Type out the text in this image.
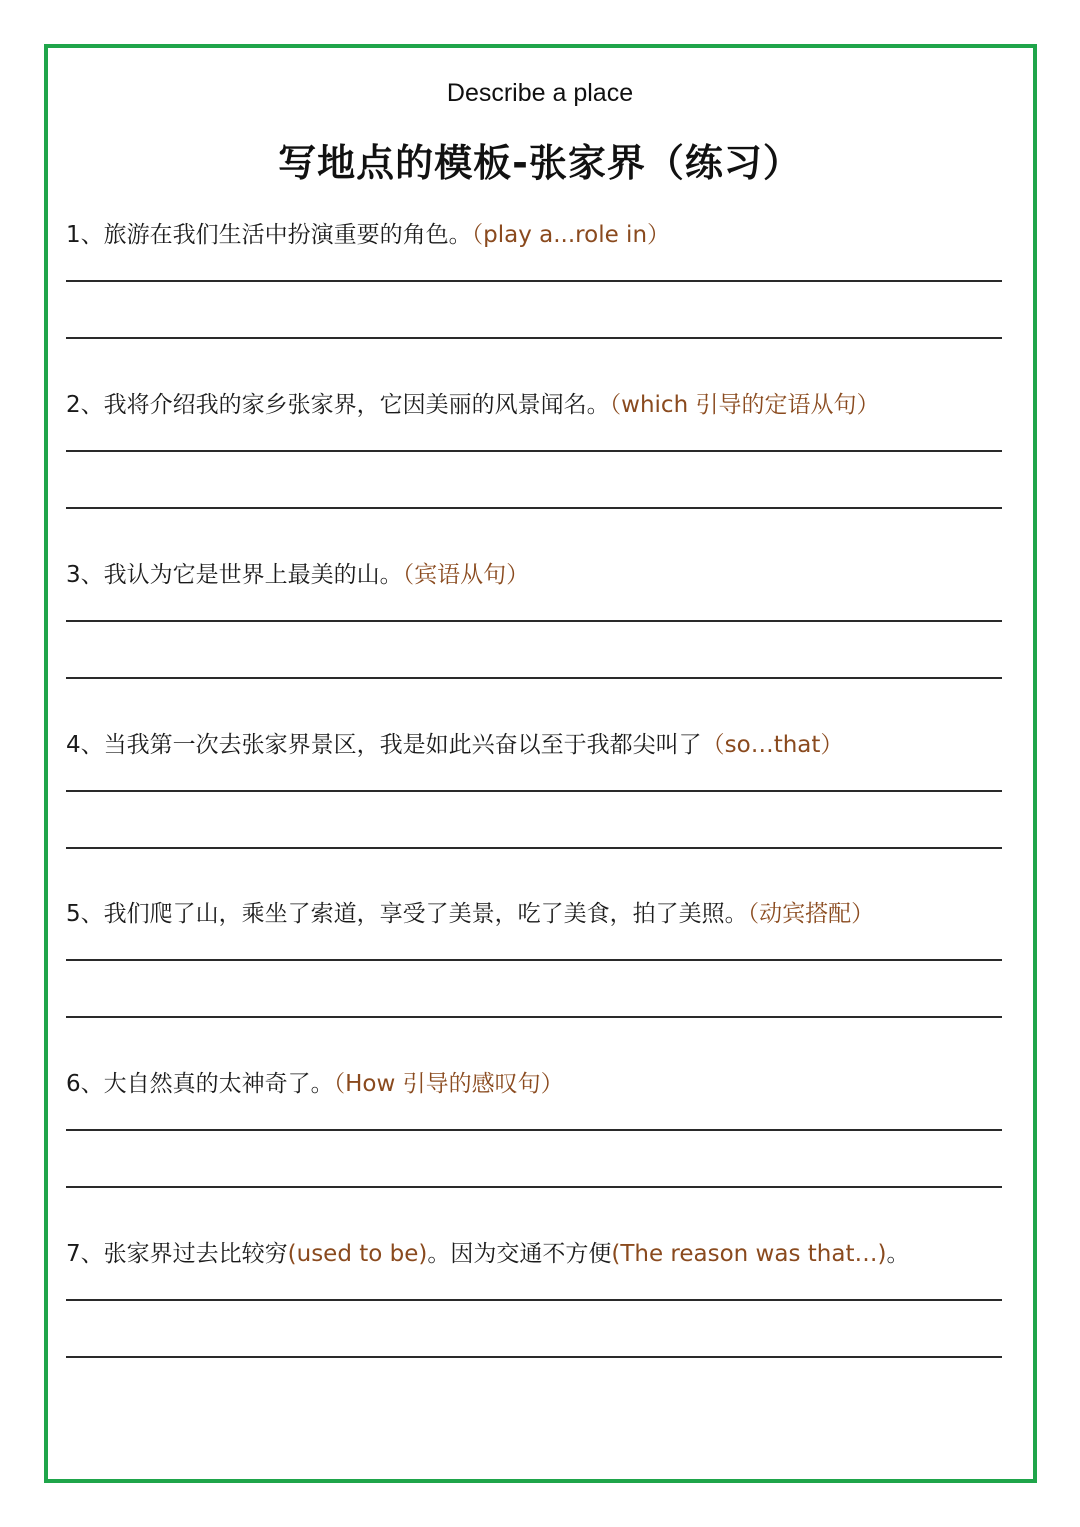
Describe a place
写地点的模板-张家界（练习）
1、旅游在我们生活中扮演重要的角色。（play a...role in）
2、我将介绍我的家乡张家界，它因美丽的风景闻名。（which 引导的定语从句）
3、我认为它是世界上最美的山。（宾语从句）
4、当我第一次去张家界景区，我是如此兴奋以至于我都尖叫了（so…that）
5、我们爬了山，乘坐了索道，享受了美景，吃了美食，拍了美照。（动宾搭配）
6、大自然真的太神奇了。（How 引导的感叹句）
7、张家界过去比较穷(used to be)。因为交通不方便(The reason was that…)。
